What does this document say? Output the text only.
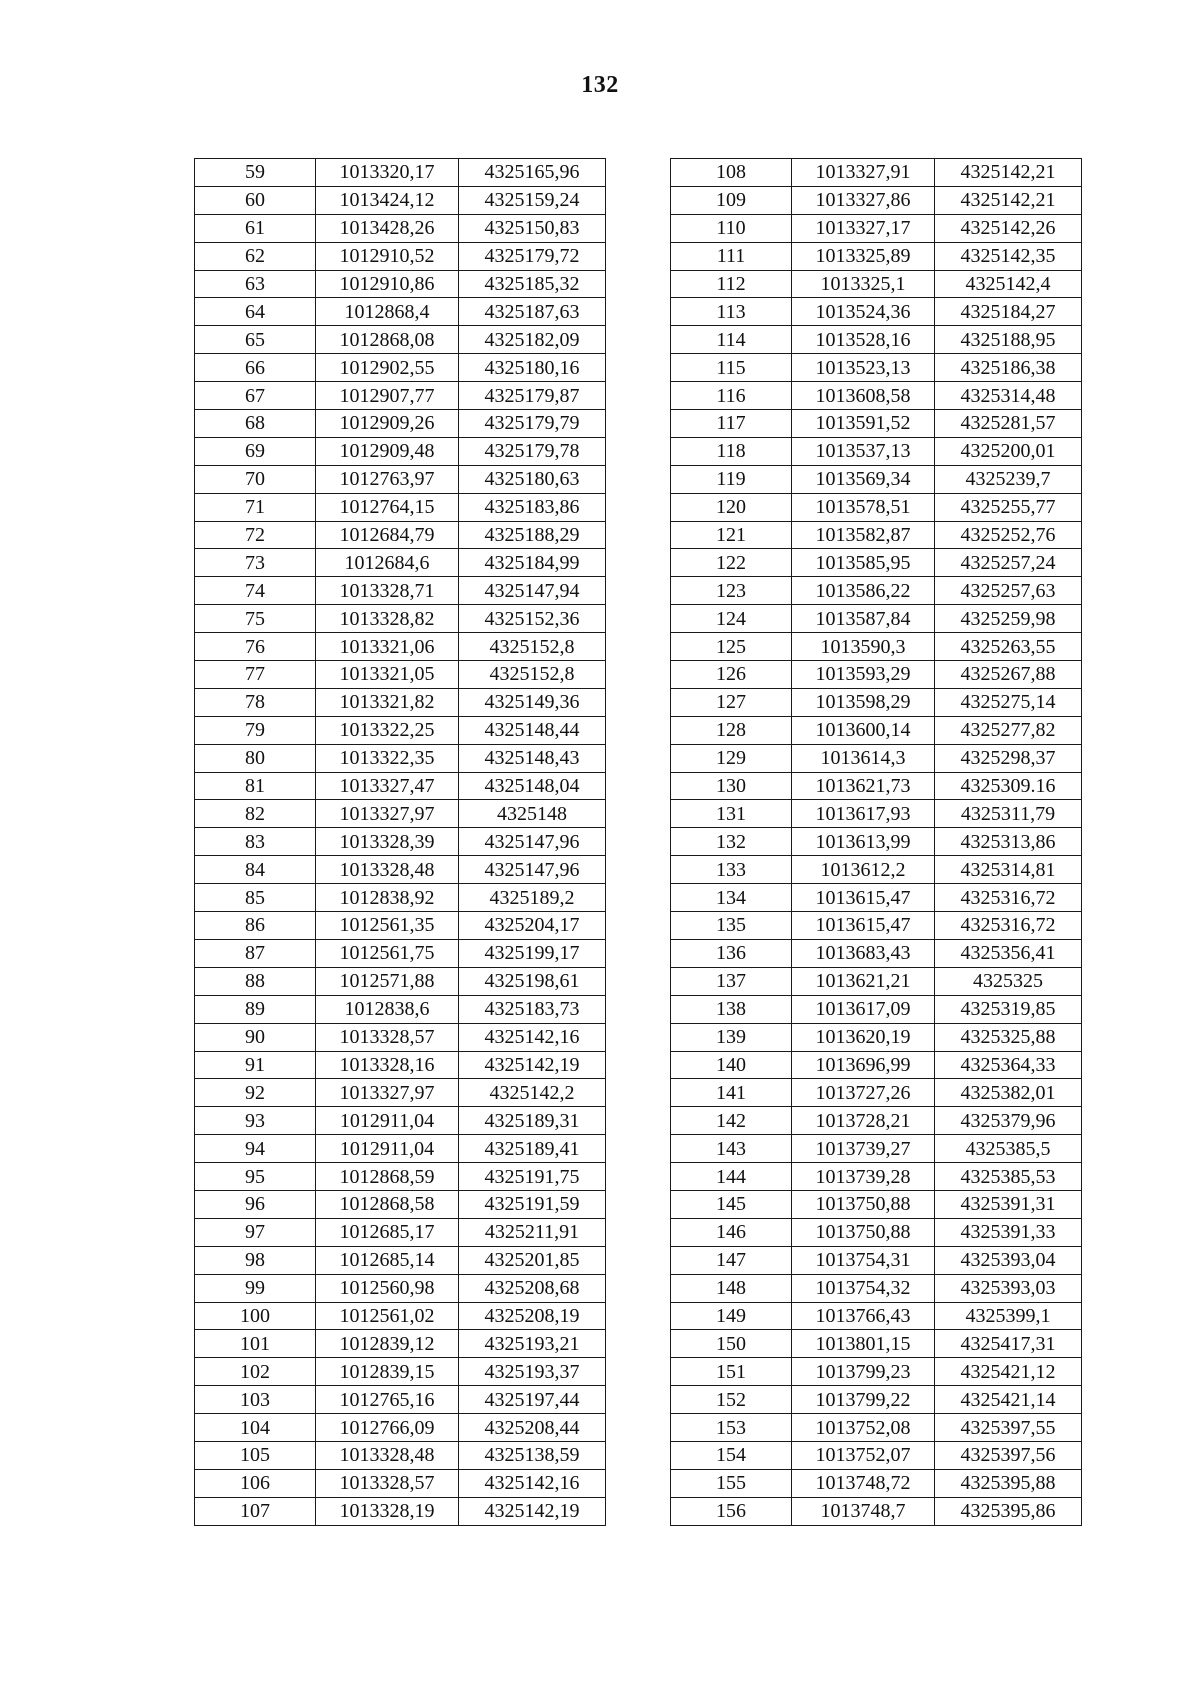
132
59	1013320,17	4325165,96
60	1013424,12	4325159,24
61	1013428,26	4325150,83
62	1012910,52	4325179,72
63	1012910,86	4325185,32
64	1012868,4	4325187,63
65	1012868,08	4325182,09
66	1012902,55	4325180,16
67	1012907,77	4325179,87
68	1012909,26	4325179,79
69	1012909,48	4325179,78
70	1012763,97	4325180,63
71	1012764,15	4325183,86
72	1012684,79	4325188,29
73	1012684,6	4325184,99
74	1013328,71	4325147,94
75	1013328,82	4325152,36
76	1013321,06	4325152,8
77	1013321,05	4325152,8
78	1013321,82	4325149,36
79	1013322,25	4325148,44
80	1013322,35	4325148,43
81	1013327,47	4325148,04
82	1013327,97	4325148
83	1013328,39	4325147,96
84	1013328,48	4325147,96
85	1012838,92	4325189,2
86	1012561,35	4325204,17
87	1012561,75	4325199,17
88	1012571,88	4325198,61
89	1012838,6	4325183,73
90	1013328,57	4325142,16
91	1013328,16	4325142,19
92	1013327,97	4325142,2
93	1012911,04	4325189,31
94	1012911,04	4325189,41
95	1012868,59	4325191,75
96	1012868,58	4325191,59
97	1012685,17	4325211,91
98	1012685,14	4325201,85
99	1012560,98	4325208,68
100	1012561,02	4325208,19
101	1012839,12	4325193,21
102	1012839,15	4325193,37
103	1012765,16	4325197,44
104	1012766,09	4325208,44
105	1013328,48	4325138,59
106	1013328,57	4325142,16
107	1013328,19	4325142,19
108	1013327,91	4325142,21
109	1013327,86	4325142,21
110	1013327,17	4325142,26
111	1013325,89	4325142,35
112	1013325,1	4325142,4
113	1013524,36	4325184,27
114	1013528,16	4325188,95
115	1013523,13	4325186,38
116	1013608,58	4325314,48
117	1013591,52	4325281,57
118	1013537,13	4325200,01
119	1013569,34	4325239,7
120	1013578,51	4325255,77
121	1013582,87	4325252,76
122	1013585,95	4325257,24
123	1013586,22	4325257,63
124	1013587,84	4325259,98
125	1013590,3	4325263,55
126	1013593,29	4325267,88
127	1013598,29	4325275,14
128	1013600,14	4325277,82
129	1013614,3	4325298,37
130	1013621,73	4325309.16
131	1013617,93	4325311,79
132	1013613,99	4325313,86
133	1013612,2	4325314,81
134	1013615,47	4325316,72
135	1013615,47	4325316,72
136	1013683,43	4325356,41
137	1013621,21	4325325
138	1013617,09	4325319,85
139	1013620,19	4325325,88
140	1013696,99	4325364,33
141	1013727,26	4325382,01
142	1013728,21	4325379,96
143	1013739,27	4325385,5
144	1013739,28	4325385,53
145	1013750,88	4325391,31
146	1013750,88	4325391,33
147	1013754,31	4325393,04
148	1013754,32	4325393,03
149	1013766,43	4325399,1
150	1013801,15	4325417,31
151	1013799,23	4325421,12
152	1013799,22	4325421,14
153	1013752,08	4325397,55
154	1013752,07	4325397,56
155	1013748,72	4325395,88
156	1013748,7	4325395,86
